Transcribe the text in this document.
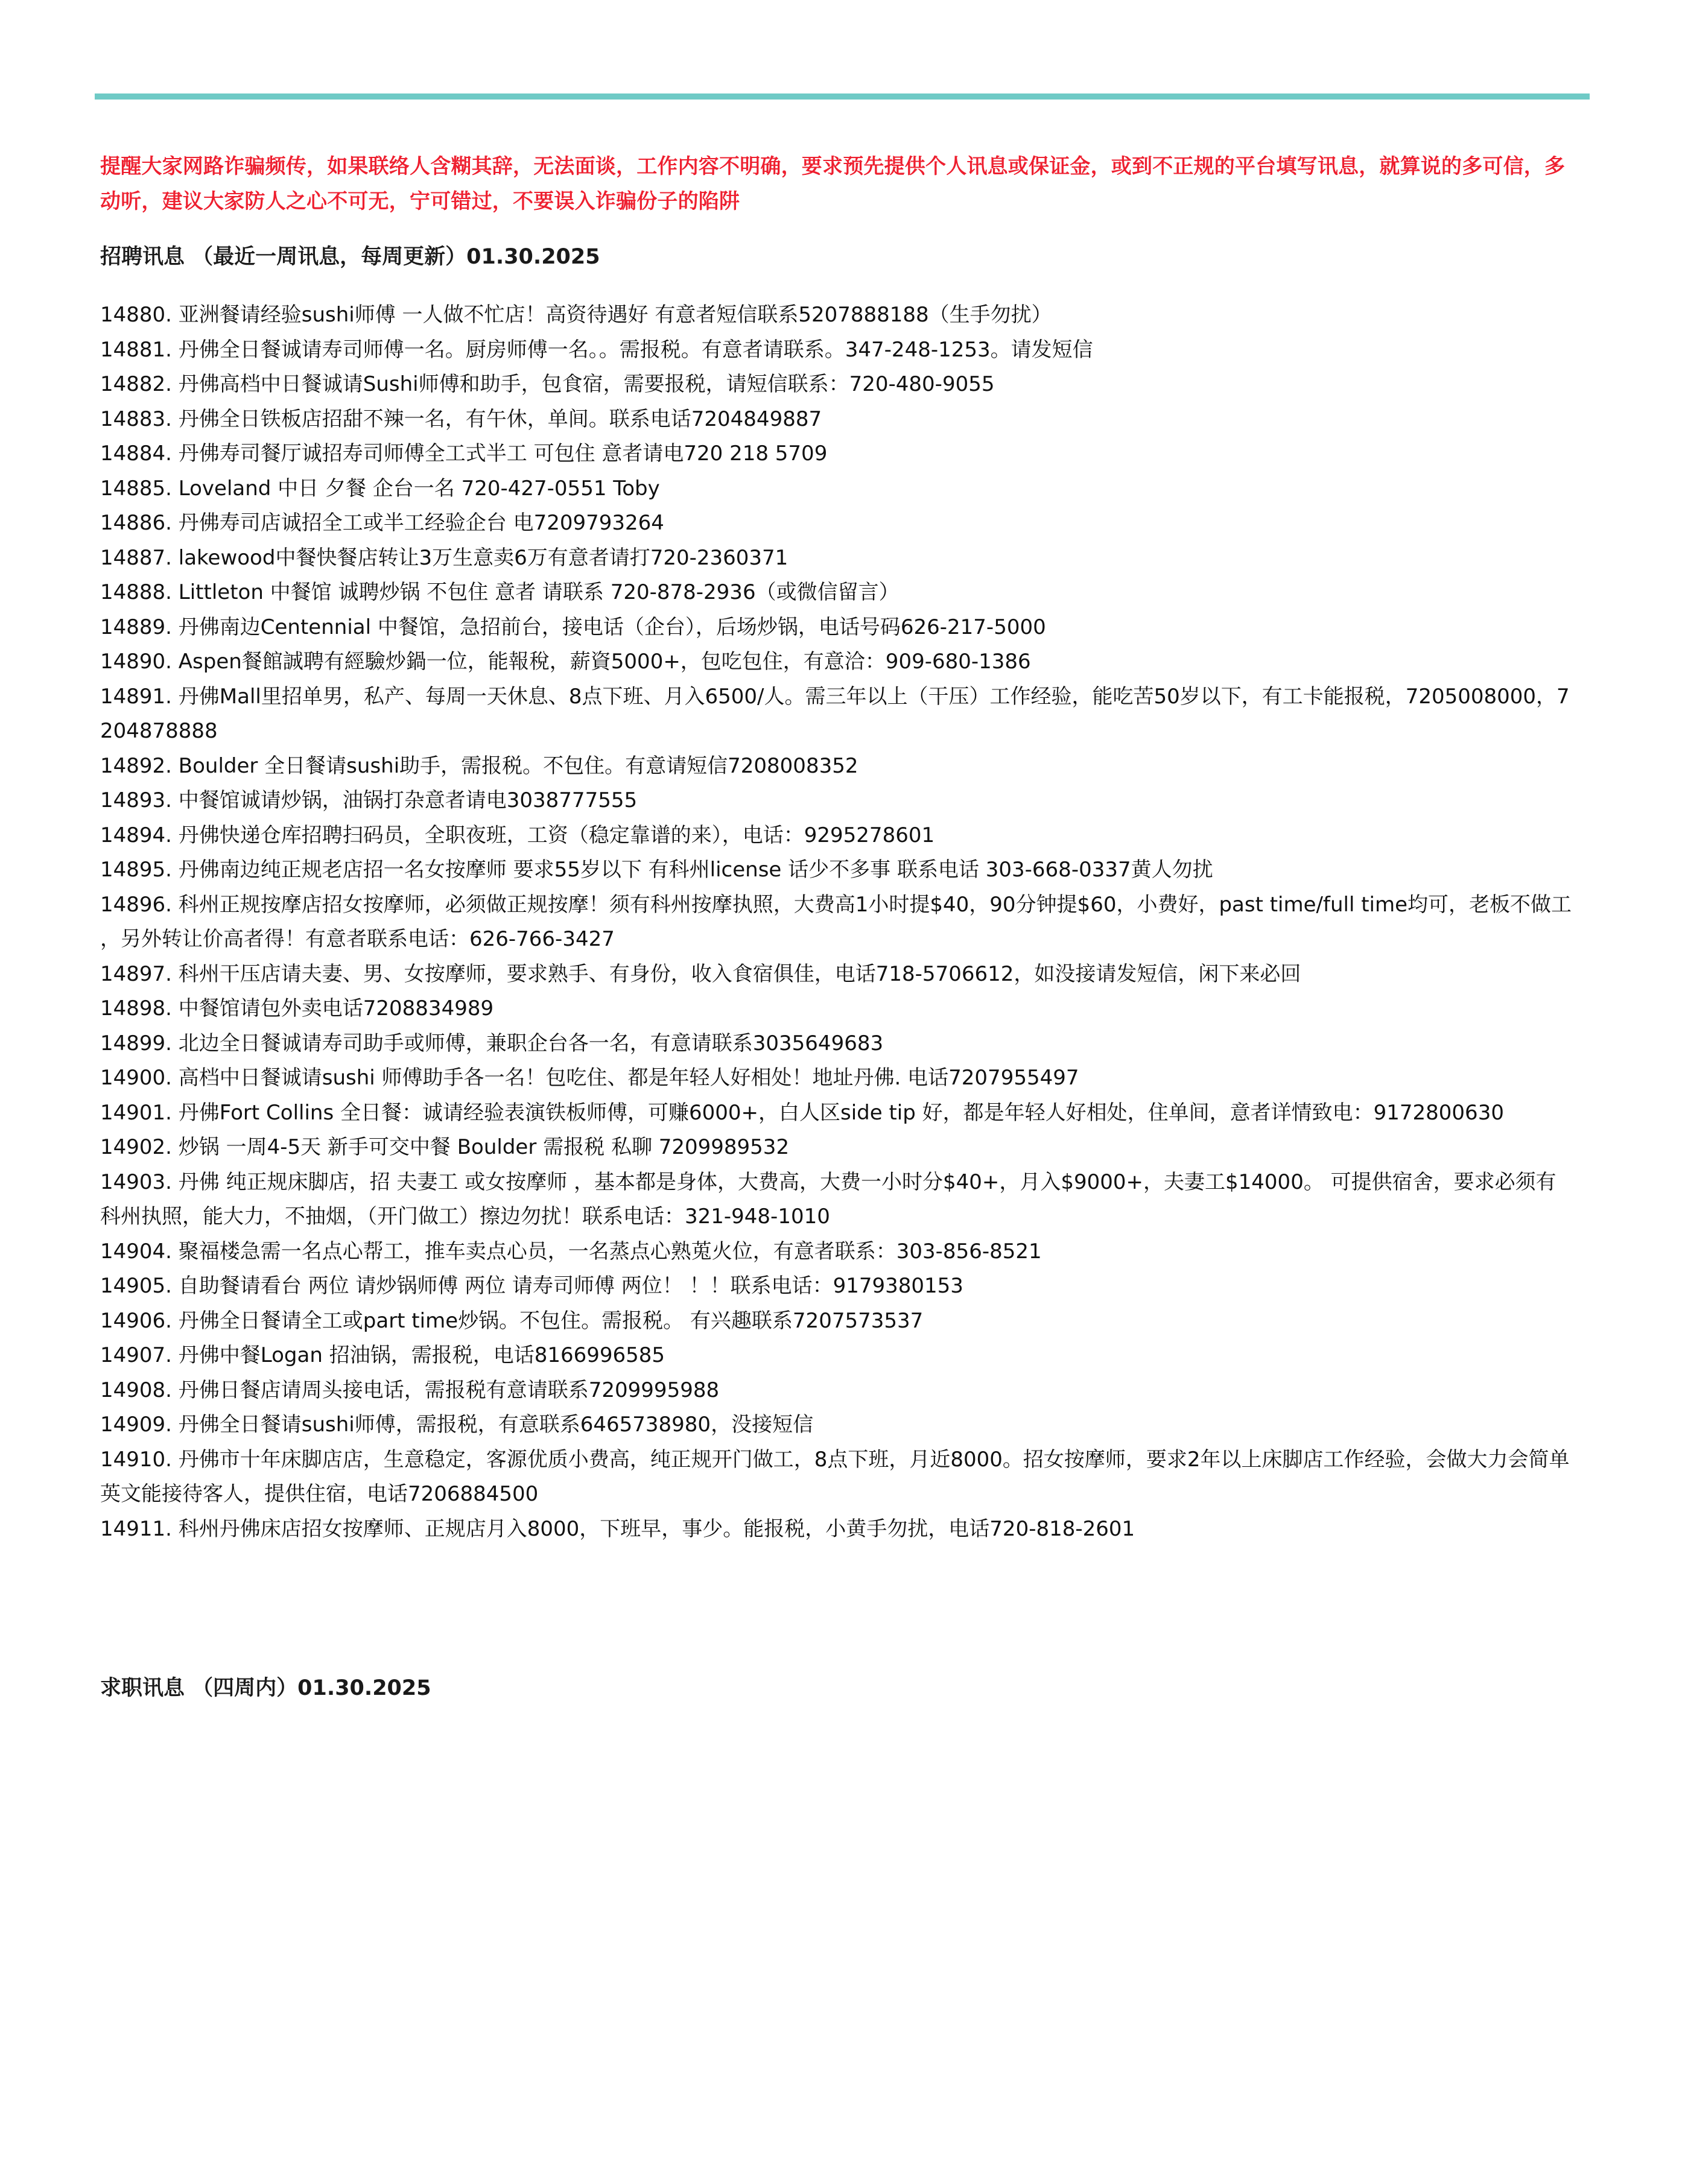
提醒大家网路诈骗频传，如果联络人含糊其辞，无法面谈，工作内容不明确，要求预先提供个人讯息或保证金，或到不正规的平台填写讯息，就算说的多可信，多动听，建议大家防人之心不可无，宁可错过，不要误入诈骗份子的陷阱

招聘讯息 （最近一周讯息，每周更新）01.30.2025
14880. 亚洲餐请经验sushi师傅 一人做不忙店！高资待遇好 有意者短信联系5207888188（生手勿扰）
14881. 丹佛全日餐诚请寿司师傅一名。厨房师傅一名。。需报税。有意者请联系。347-248-1253。请发短信
14882. 丹佛高档中日餐诚请Sushi师傅和助手，包食宿，需要报税，请短信联系：720-480-9055
14883. 丹佛全日铁板店招甜不辣一名，有午休，单间。联系电话7204849887
14884. 丹佛寿司餐厅诚招寿司师傅全工式半工 可包住 意者请电720 218 5709
14885. Loveland 中日 夕餐 企台一名 720-427-0551 Toby
14886. 丹佛寿司店诚招全工或半工经验企台 电7209793264
14887. lakewood中餐快餐店转让3万生意卖6万有意者请打720-2360371
14888. Littleton 中餐馆 诚聘炒锅 不包住 意者 请联系 720-878-2936（或微信留言）
14889. 丹佛南边Centennial 中餐馆，急招前台，接电话（企台），后场炒锅，电话号码626-217-5000
14890. Aspen餐館誠聘有經驗炒鍋一位，能報稅，薪資5000+，包吃包住，有意洽：909-680-1386
14891. 丹佛Mall里招单男，私产、每周一天休息、8点下班、月入6500/人。需三年以上（干压）工作经验，能吃苦50岁以下，有工卡能报税，7205008000，7204878888
14892. Boulder 全日餐请sushi助手，需报税。不包住。有意请短信7208008352
14893. 中餐馆诚请炒锅，油锅打杂意者请电3038777555
14894. 丹佛快递仓库招聘扫码员，全职夜班，工资（稳定靠谱的来），电话：9295278601
14895. 丹佛南边纯正规老店招一名女按摩师 要求55岁以下 有科州license 话少不多事 联系电话 303-668-0337黄人勿扰
14896. 科州正规按摩店招女按摩师，必须做正规按摩！须有科州按摩执照，大费高1小时提$40，90分钟提$60，小费好，past time/full time均可，老板不做工 ，另外转让价高者得！有意者联系电话：626-766-3427
14897. 科州干压店请夫妻、男、女按摩师，要求熟手、有身份，收入食宿俱佳，电话718-5706612，如没接请发短信，闲下来必回
14898. 中餐馆请包外卖电话7208834989
14899. 北边全日餐诚请寿司助手或师傅，兼职企台各一名，有意请联系3035649683
14900. 高档中日餐诚请sushi 师傅助手各一名！包吃住、都是年轻人好相处！地址丹佛. 电话7207955497
14901. 丹佛Fort Collins 全日餐：诚请经验表演铁板师傅，可赚6000+，白人区side tip 好，都是年轻人好相处，住单间，意者详情致电：9172800630
14902. 炒锅 一周4-5天 新手可交中餐 Boulder 需报税 私聊 7209989532
14903. 丹佛 纯正规床脚店，招 夫妻工 或女按摩师 ，基本都是身体，大费高，大费一小时分$40+，月入$9000+，夫妻工$14000。 可提供宿舍，要求必须有科州执照，能大力，不抽烟，（开门做工）擦边勿扰！联系电话：321-948-1010
14904. 聚福楼急需一名点心帮工，推车卖点心员，一名蒸点心熟莵火位，有意者联系：303-856-8521
14905. 自助餐请看台 两位 请炒锅师傅 两位 请寿司师傅 两位！ ！！联系电话：9179380153
14906. 丹佛全日餐请全工或part time炒锅。不包住。需报税。 有兴趣联系7207573537
14907. 丹佛中餐Logan 招油锅，需报税，电话8166996585
14908. 丹佛日餐店请周头接电话，需报税有意请联系7209995988
14909. 丹佛全日餐请sushi师傅，需报税，有意联系6465738980，没接短信
14910. 丹佛市十年床脚店店，生意稳定，客源优质小费高，纯正规开门做工，8点下班，月近8000。招女按摩师，要求2年以上床脚店工作经验，会做大力会简单英文能接待客人，提供住宿，电话7206884500
14911. 科州丹佛床店招女按摩师、正规店月入8000，下班早，事少。能报税，小黄手勿扰，电话720-818-2601
求职讯息 （四周内）01.30.2025
